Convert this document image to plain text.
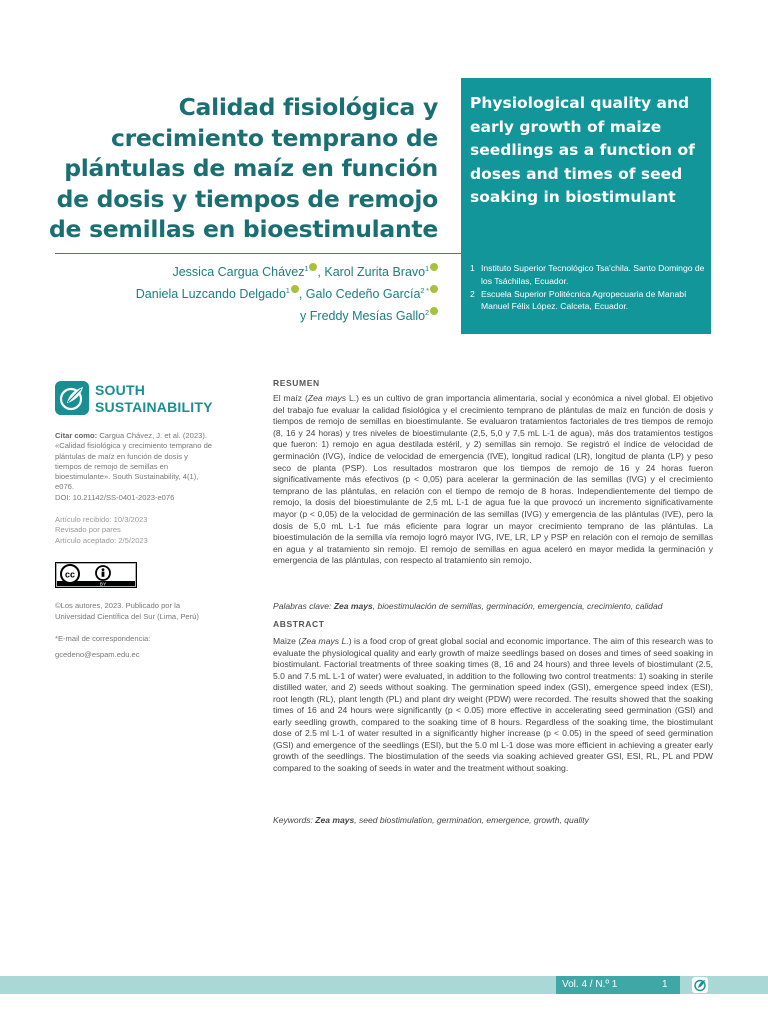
Calidad fisiológica y crecimiento temprano de plántulas de maíz en función de dosis y tiempos de remojo de semillas en bioestimulante
Physiological quality and early growth of maize seedlings as a function of doses and times of seed soaking in biostimulant
Jessica Cargua Chávez$^1$ , Karol Zurita Bravo$^1$
Daniela Luzcando Delgado$^1$ , Galo Cedeño García$^{2 *}$
y Freddy Mesías Gallo$^2$
1 Instituto Superior Tecnológico Tsa'chila. Santo Domingo de los Tsáchilas, Ecuador.
2 Escuela Superior Politécnica Agropecuaria de Manabí Manuel Félix López. Calceta, Ecuador.
SOUTH
SUSTAINABILITY
Citar como: Cargua Chávez, J. et al. (2023). «Calidad fisiológica y crecimiento temprano de plántulas de maíz en función de dosis y tiempos de remojo de semillas en bioestimulante». South Sustainability, 4(1), e076.
DOI: 10.21142/SS-0401-2023-e076
Artículo recibido: 10/3/2023
Revisado por pares
Artículo aceptado: 2/5/2023
cc
BY
©Los autores, 2023. Publicado por la Universidad Científica del Sur (Lima, Perú)
*E-mail de correspondencia:
gcedeno@espam.edu.ec
RESUMEN
El maíz (Zea mays L.) es un cultivo de gran importancia alimentaria, social y económica a nivel global. El objetivo del trabajo fue evaluar la calidad fisiológica y el crecimiento temprano de plántulas de maíz en función de dosis y tiempos de remojo de semillas en bioestimulante. Se evaluaron tratamientos factoriales de tres tiempos de remojo (8, 16 y 24 horas) y tres niveles de bioestimulante (2,5, 5,0 y 7,5 mL L-1 de agua), más dos tratamientos testigos que fueron: 1) remojo en agua destilada estéril, y 2) semillas sin remojo. Se registró el índice de velocidad de germinación (IVG), índice de velocidad de emergencia (IVE), longitud radical (LR), longitud de planta (LP) y peso seco de planta (PSP). Los resultados mostraron que los tiempos de remojo de 16 y 24 horas fueron significativamente más efectivos (p < 0,05) para acelerar la germinación de las semillas (IVG) y el crecimiento temprano de las plántulas, en relación con el tiempo de remojo de 8 horas. Independientemente del tiempo de remojo, la dosis del bioestimulante de 2,5 mL L-1 de agua fue la que provocó un incremento significativamente mayor (p < 0,05) de la velocidad de germinación de las semillas (IVG) y emergencia de las plántulas (IVE), pero la dosis de 5,0 mL L-1 fue más eficiente para lograr un mayor crecimiento temprano de las plántulas. La bioestimulación de la semilla vía remojo logró mayor IVG, IVE, LR, LP y PSP en relación con el remojo de semillas en agua y al tratamiento sin remojo. El remojo de semillas en agua aceleró en mayor medida la germinación y emergencia de las plántulas, con respecto al tratamiento sin remojo.
Palabras clave: Zea mays, bioestimulación de semillas, germinación, emergencia, crecimiento, calidad
ABSTRACT
Maize (Zea mays L.) is a food crop of great global social and economic importance. The aim of this research was to evaluate the physiological quality and early growth of maize seedlings based on doses and times of seed soaking in biostimulant. Factorial treatments of three soaking times (8, 16 and 24 hours) and three levels of biostimulant (2.5, 5.0 and 7.5 mL L-1 of water) were evaluated, in addition to the following two control treatments: 1) soaking in sterile distilled water, and 2) seeds without soaking. The germination speed index (GSI), emergence speed index (ESI), root length (RL), plant length (PL) and plant dry weight (PDW) were recorded. The results showed that the soaking times of 16 and 24 hours were significantly (p < 0.05) more effective in accelerating seed germination (GSI) and early seedling growth, compared to the soaking time of 8 hours. Regardless of the soaking time, the biostimulant dose of 2.5 ml L-1 of water resulted in a significantly higher increase (p < 0.05) in the speed of seed germination (GSI) and emergence of the seedlings (ESI), but the 5.0 ml L-1 dose was more efficient in achieving a greater early growth of the seedlings. The biostimulation of the seeds via soaking achieved greater GSI, ESI, RL, PL and PDW compared to the soaking of seeds in water and the treatment without soaking.
Keywords: Zea mays, seed biostimulation, germination, emergence, growth, quality
Vol. 4 / N.º 1	1
